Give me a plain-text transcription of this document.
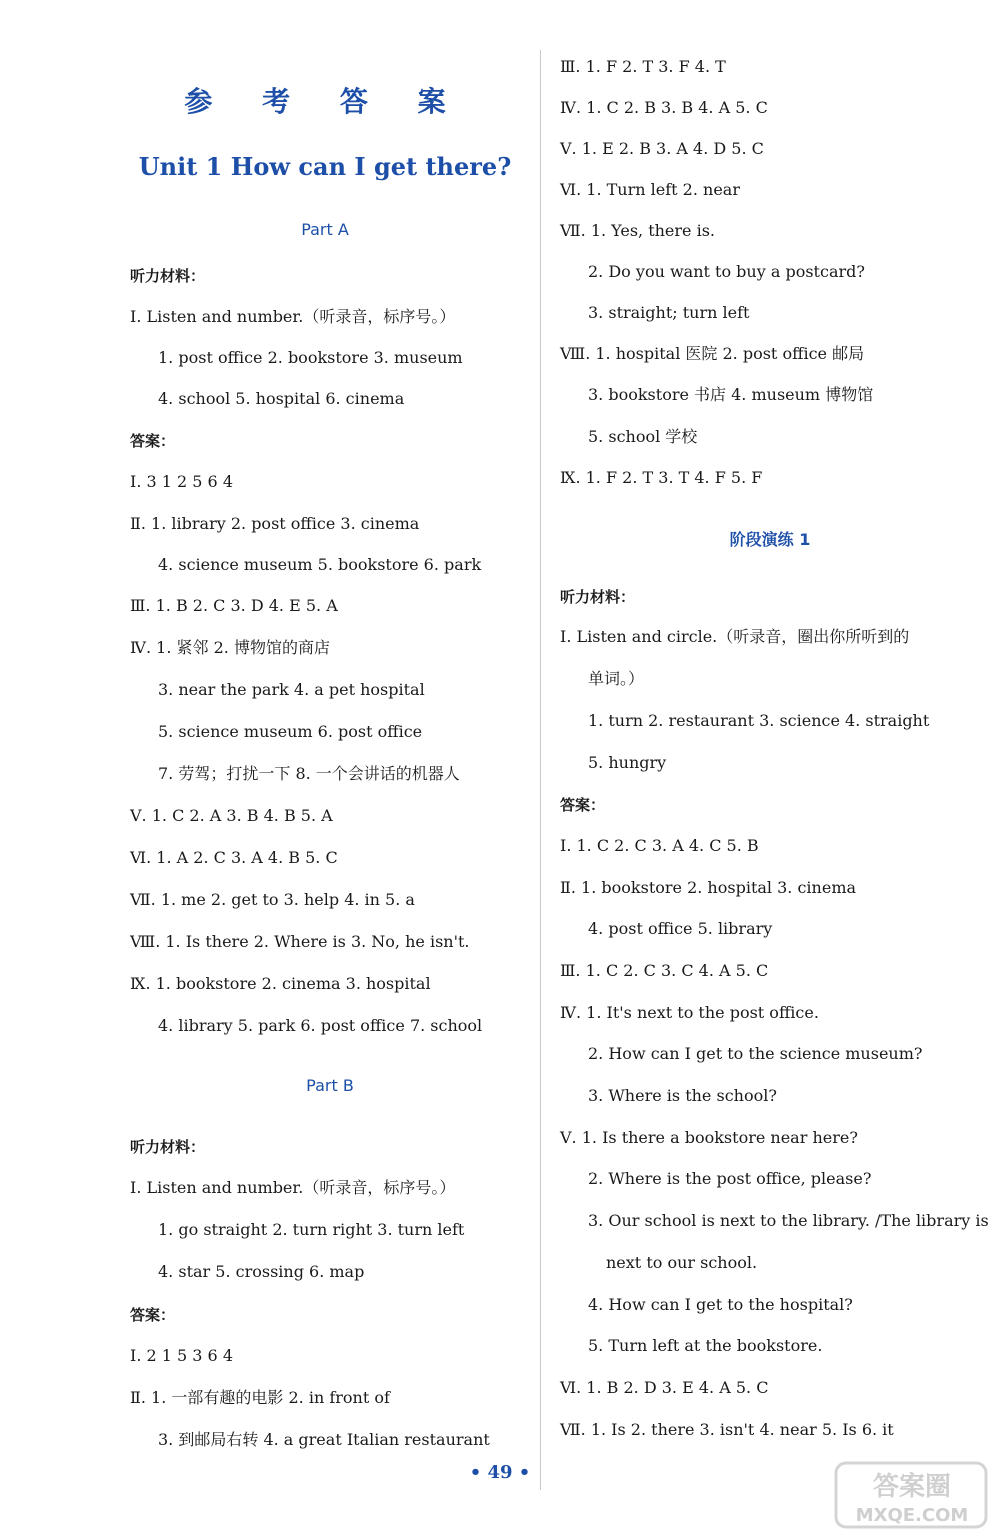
参 考 答 案
Unit 1 How can I get there?
Part A
听力材料：
Ⅰ. Listen and number.（听录音，标序号。）
1. post office 2. bookstore 3. museum
4. school 5. hospital 6. cinema
答案：
Ⅰ. 3 1 2 5 6 4
Ⅱ. 1. library 2. post office 3. cinema
4. science museum 5. bookstore 6. park
Ⅲ. 1. B 2. C 3. D 4. E 5. A
Ⅳ. 1. 紧邻 2. 博物馆的商店
3. near the park 4. a pet hospital
5. science museum 6. post office
7. 劳驾；打扰一下 8. 一个会讲话的机器人
Ⅴ. 1. C 2. A 3. B 4. B 5. A
Ⅵ. 1. A 2. C 3. A 4. B 5. C
Ⅶ. 1. me 2. get to 3. help 4. in 5. a
Ⅷ. 1. Is there 2. Where is 3. No, he isn't.
Ⅸ. 1. bookstore 2. cinema 3. hospital
4. library 5. park 6. post office 7. school
Part B
听力材料：
Ⅰ. Listen and number.（听录音，标序号。）
1. go straight 2. turn right 3. turn left
4. star 5. crossing 6. map
答案：
Ⅰ. 2 1 5 3 6 4
Ⅱ. 1. 一部有趣的电影 2. in front of
3. 到邮局右转 4. a great Italian restaurant
Ⅲ. 1. F 2. T 3. F 4. T
Ⅳ. 1. C 2. B 3. B 4. A 5. C
Ⅴ. 1. E 2. B 3. A 4. D 5. C
Ⅵ. 1. Turn left 2. near
Ⅶ. 1. Yes, there is.
2. Do you want to buy a postcard?
3. straight; turn left
Ⅷ. 1. hospital 医院 2. post office 邮局
3. bookstore 书店 4. museum 博物馆
5. school 学校
Ⅸ. 1. F 2. T 3. T 4. F 5. F
阶段演练 1
听力材料：
Ⅰ. Listen and circle.（听录音，圈出你所听到的
单词。）
1. turn 2. restaurant 3. science 4. straight
5. hungry
答案：
Ⅰ. 1. C 2. C 3. A 4. C 5. B
Ⅱ. 1. bookstore 2. hospital 3. cinema
4. post office 5. library
Ⅲ. 1. C 2. C 3. C 4. A 5. C
Ⅳ. 1. It's next to the post office.
2. How can I get to the science museum?
3. Where is the school?
Ⅴ. 1. Is there a bookstore near here?
2. Where is the post office, please?
3. Our school is next to the library. /The library is
next to our school.
4. How can I get to the hospital?
5. Turn left at the bookstore.
Ⅵ. 1. B 2. D 3. E 4. A 5. C
Ⅶ. 1. Is 2. there 3. isn't 4. near 5. Is 6. it
• 49 •	答案圈
MXQE.COM
